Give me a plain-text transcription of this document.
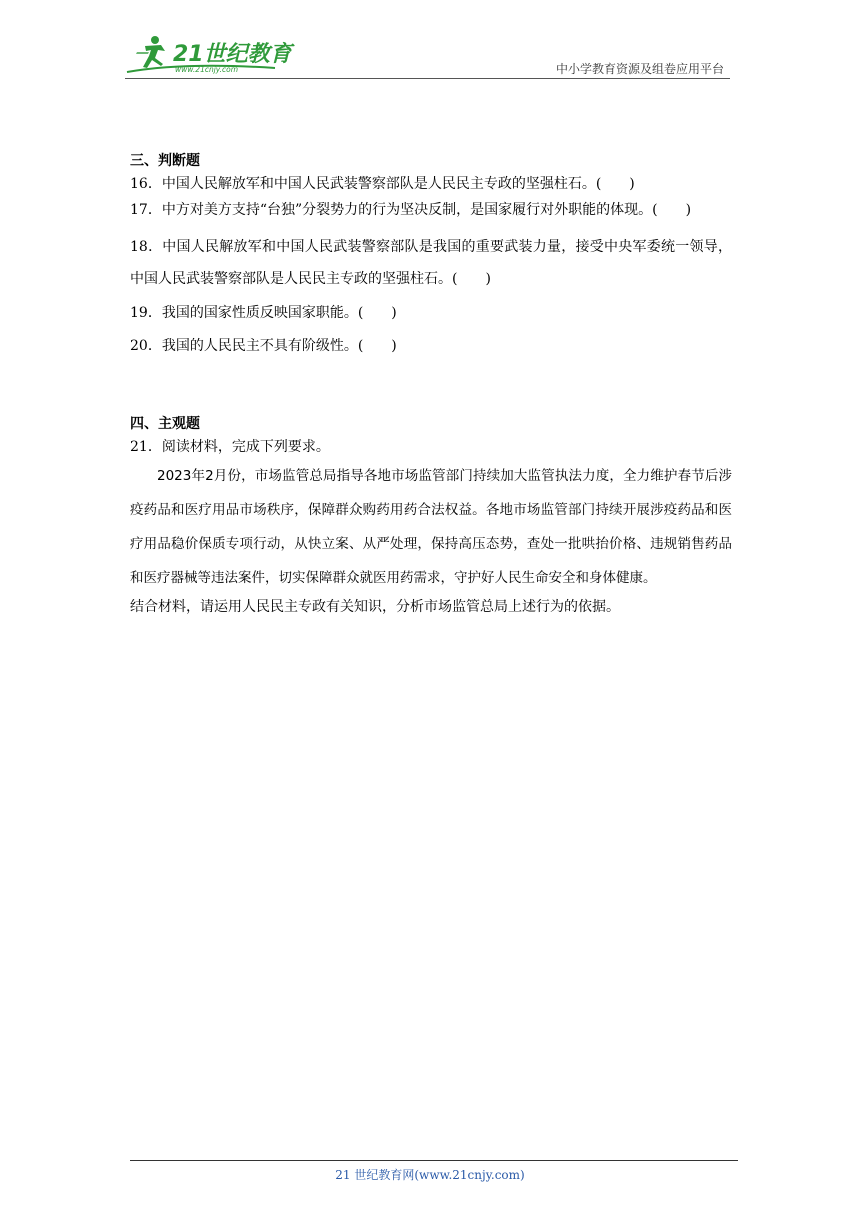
21世纪教育
www.21cnjy.com	中小学教育资源及组卷应用平台

三、判断题

16．中国人民解放军和中国人民武装警察部队是人民民主专政的坚强柱石。(　　)

17．中方对美方支持“台独”分裂势力的行为坚决反制，是国家履行对外职能的体现。(　　)

18．中国人民解放军和中国人民武装警察部队是我国的重要武装力量，接受中央军委统一领导，中国人民武装警察部队是人民民主专政的坚强柱石。(　　)

19．我国的国家性质反映国家职能。(　　)

20．我国的人民民主不具有阶级性。(　　)

四、主观题

21．阅读材料，完成下列要求。

2023年2月份，市场监管总局指导各地市场监管部门持续加大监管执法力度，全力维护春节后涉疫药品和医疗用品市场秩序，保障群众购药用药合法权益。各地市场监管部门持续开展涉疫药品和医疗用品稳价保质专项行动，从快立案、从严处理，保持高压态势，查处一批哄抬价格、违规销售药品和医疗器械等违法案件，切实保障群众就医用药需求，守护好人民生命安全和身体健康。

结合材料，请运用人民民主专政有关知识，分析市场监管总局上述行为的依据。

21 世纪教育网(www.21cnjy.com)
